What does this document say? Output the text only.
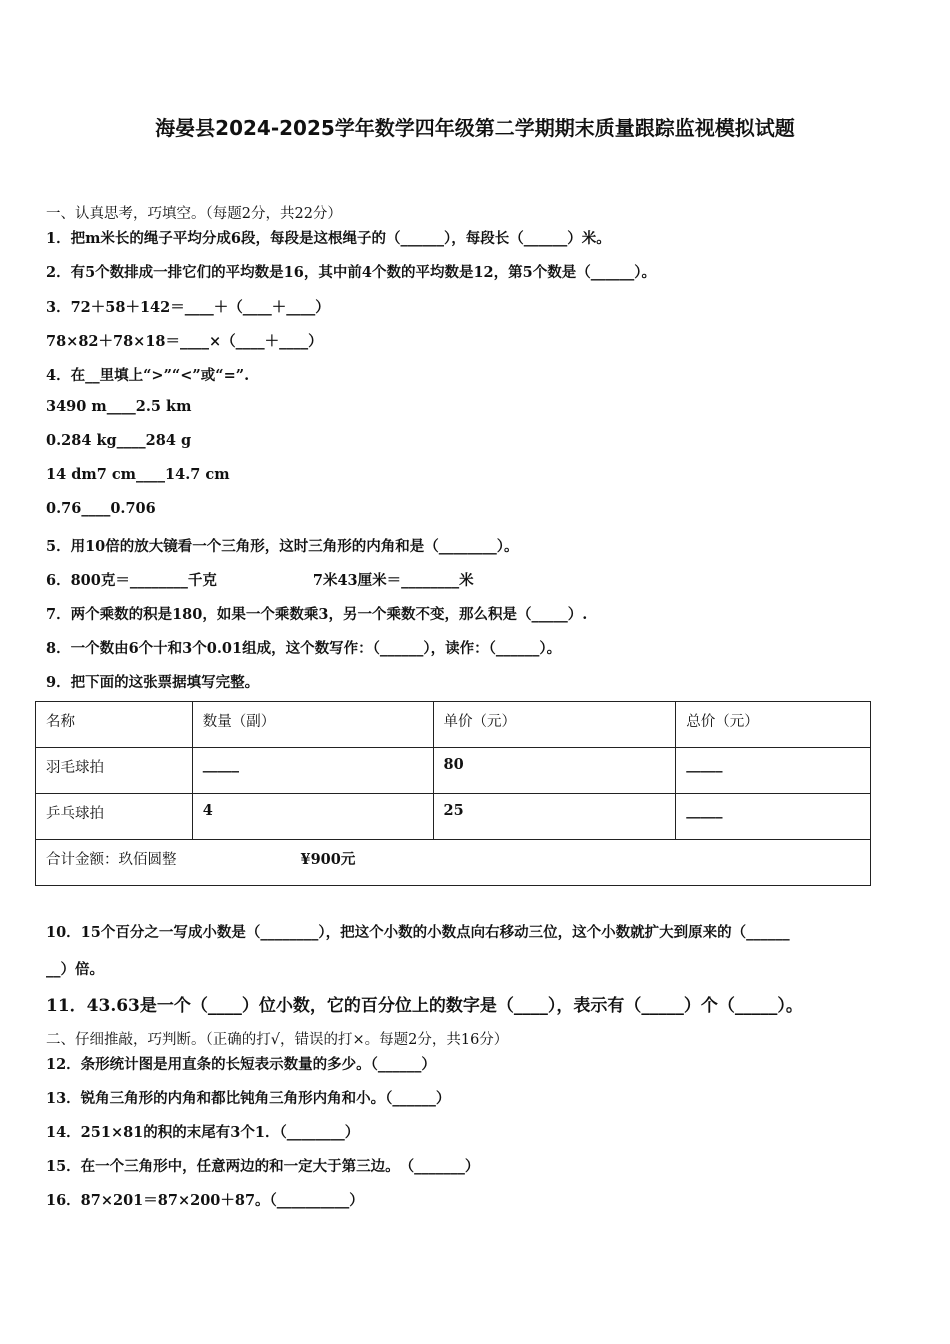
海晏县2024-2025学年数学四年级第二学期期末质量跟踪监视模拟试题
一、认真思考，巧填空。（每题2分，共22分）
1．把m米长的绳子平均分成6段，每段是这根绳子的（______），每段长（______）米。
2．有5个数排成一排它们的平均数是16，其中前4个数的平均数是12，第5个数是（______）。
3．72＋58＋142＝____＋（____＋____）
78×82＋78×18＝____×（____＋____）
4．在__里填上“>”“<”或“=”.
3490 m____2.5 km
0.284 kg____284 g
14 dm7 cm____14.7 cm
0.76____0.706
5．用10倍的放大镜看一个三角形，这时三角形的内角和是（________）。
6．800克＝________千克	7米43厘米＝________米
7．两个乘数的积是180，如果一个乘数乘3，另一个乘数不变，那么积是（_____）.
8．一个数由6个十和3个0.01组成，这个数写作：（______），读作：（______）。
9．把下面的这张票据填写完整。
名称	数量（副）	单价（元）	总价（元）
羽毛球拍	_____	80	_____
乒乓球拍	4	25	_____
合计金额：玖佰圆整 ¥900元			
10．15个百分之一写成小数是（________），把这个小数的小数点向右移动三位，这个小数就扩大到原来的（______
__）倍。
11．43.63是一个（____）位小数，它的百分位上的数字是（____），表示有（_____）个（_____）。
二、仔细推敲，巧判断。（正确的打√，错误的打×。每题2分，共16分）
12．条形统计图是用直条的长短表示数量的多少。（______）
13．锐角三角形的内角和都比钝角三角形内角和小。（______）
14．251×81的积的末尾有3个1．（________）
15．在一个三角形中，任意两边的和一定大于第三边。　（_______）
16．87×201＝87×200＋87。（__________）
